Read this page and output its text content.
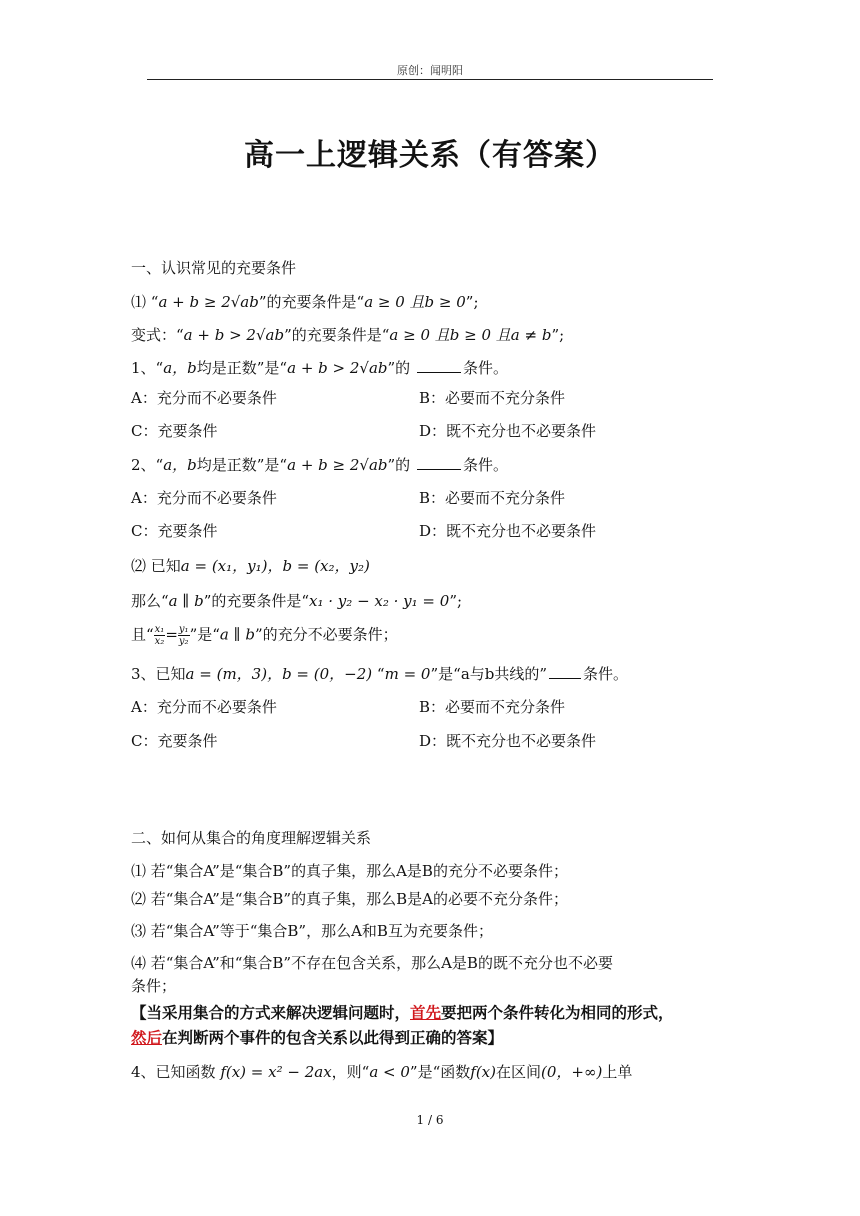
原创：闻明阳
高一上逻辑关系（有答案）
一、认识常见的充要条件
⑴ “a + b ≥ 2√ab”的充要条件是“a ≥ 0 且b ≥ 0”;
变式：“a + b > 2√ab”的充要条件是“a ≥ 0 且b ≥ 0 且a ≠ b”;
1、“a，b均是正数”是“a + b > 2√ab”的	条件。
A：充分而不必要条件	B：必要而不充分条件
C：充要条件	D：既不充分也不必要条件
2、“a，b均是正数”是“a + b ≥ 2√ab”的	条件。
A：充分而不必要条件	B：必要而不充分条件
C：充要条件	D：既不充分也不必要条件
⑵ 已知a = (x₁，y₁)，b = (x₂，y₂)
那么“a ∥ b”的充要条件是“x₁ · y₂ − x₂ · y₁ = 0”;
且“ $\frac{\text{x₁}}{\text{x₂}} = \frac{\text{y₁}}{\text{y₂}}$ ”是“a ∥ b”的充分不必要条件；
3、已知a = (m，3)，b = (0，−2) “m = 0”是“a与b共线的” 条件。
A：充分而不必要条件	B：必要而不充分条件
C：充要条件	D：既不充分也不必要条件
二、如何从集合的角度理解逻辑关系
⑴ 若“集合A”是“集合B”的真子集，那么A是B的充分不必要条件；
⑵ 若“集合A”是“集合B”的真子集，那么B是A的必要不充分条件；
⑶ 若“集合A”等于“集合B”，那么A和B互为充要条件；
⑷ 若“集合A”和“集合B”不存在包含关系，那么A是B的既不充分也不必要
条件；
【当采用集合的方式来解决逻辑问题时，首先要把两个条件转化为相同的形式，
然后在判断两个事件的包含关系以此得到正确的答案】
4、已知函数 f(x) = x² − 2ax，则“a < 0”是“函数f(x)在区间(0，+∞)上单
1 / 6
